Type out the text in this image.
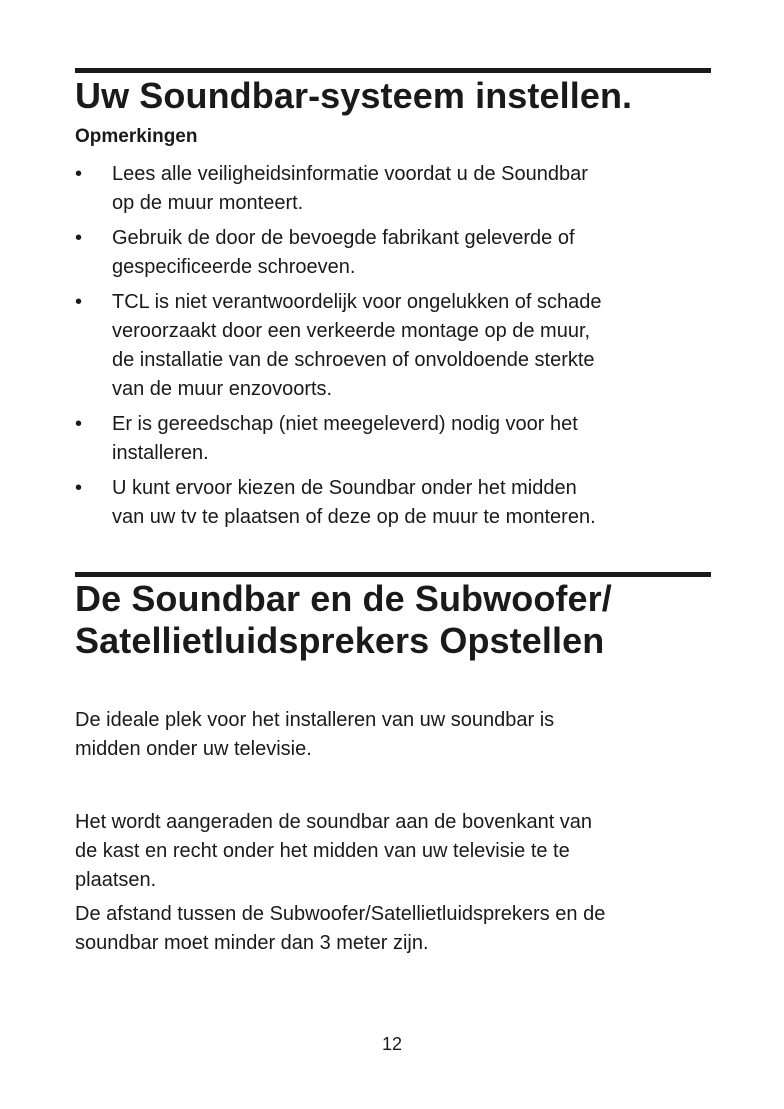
Uw Soundbar-systeem instellen.
Opmerkingen
• Lees alle veiligheidsinformatie voordat u de Soundbar
op de muur monteert.
• Gebruik de door de bevoegde fabrikant geleverde of
gespecificeerde schroeven.
• TCL is niet verantwoordelijk voor ongelukken of schade
veroorzaakt door een verkeerde montage op de muur,
de installatie van de schroeven of onvoldoende sterkte
van de muur enzovoorts.
• Er is gereedschap (niet meegeleverd) nodig voor het
installeren.
• U kunt ervoor kiezen de Soundbar onder het midden
van uw tv te plaatsen of deze op de muur te monteren.
De Soundbar en de Subwoofer/
Satellietluidsprekers Opstellen
De ideale plek voor het installeren van uw soundbar is
midden onder uw televisie.
Het wordt aangeraden de soundbar aan de bovenkant van
de kast en recht onder het midden van uw televisie te te
plaatsen.
De afstand tussen de Subwoofer/Satellietluidsprekers en de
soundbar moet minder dan 3 meter zijn.
12
